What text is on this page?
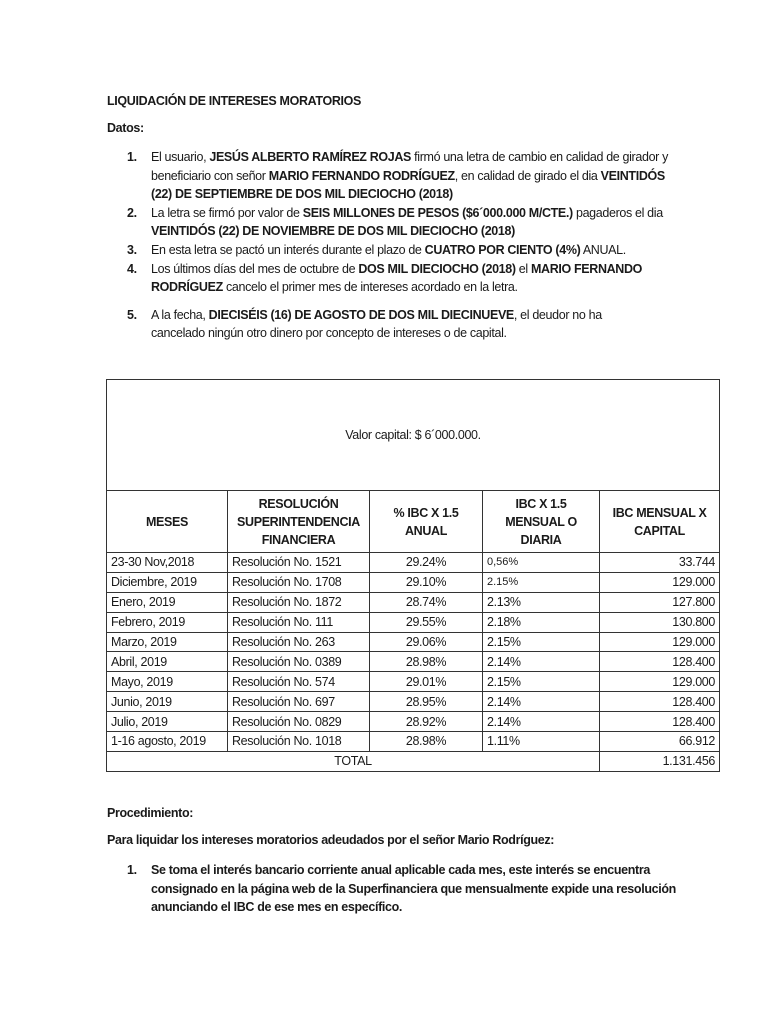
LIQUIDACIÓN DE INTERESES MORATORIOS
Datos:
1. El usuario, JESÚS ALBERTO RAMÍREZ ROJAS firmó una letra de cambio en calidad de girador y beneficiario con señor MARIO FERNANDO RODRÍGUEZ, en calidad de girado el dia VEINTIDÓS (22) DE SEPTIEMBRE DE DOS MIL DIECIOCHO (2018)
2. La letra se firmó por valor de SEIS MILLONES DE PESOS ($6´000.000 M/CTE.) pagaderos el dia VEINTIDÓS (22) DE NOVIEMBRE DE DOS MIL DIECIOCHO (2018)
3. En esta letra se pactó un interés durante el plazo de CUATRO POR CIENTO (4%) ANUAL.
4. Los últimos días del mes de octubre de DOS MIL DIECIOCHO (2018) el MARIO FERNANDO RODRÍGUEZ cancelo el primer mes de intereses acordado en la letra.
5. A la fecha, DIECISÉIS (16) DE AGOSTO DE DOS MIL DIECINUEVE, el deudor no ha cancelado ningún otro dinero por concepto de intereses o de capital.
Valor capital: $ 6´000.000.				
MESES	RESOLUCIÓN SUPERINTENDENCIA FINANCIERA	% IBC X 1.5 ANUAL	IBC X 1.5 MENSUAL O DIARIA	IBC MENSUAL X CAPITAL
23-30 Nov,2018	Resolución No. 1521	29.24%	0,56%	33.744
Diciembre, 2019	Resolución No. 1708	29.10%	2.15%	129.000
Enero, 2019	Resolución No. 1872	28.74%	2.13%	127.800
Febrero, 2019	Resolución No. 111	29.55%	2.18%	130.800
Marzo, 2019	Resolución No. 263	29.06%	2.15%	129.000
Abril, 2019	Resolución No. 0389	28.98%	2.14%	128.400
Mayo, 2019	Resolución No. 574	29.01%	2.15%	129.000
Junio, 2019	Resolución No. 697	28.95%	2.14%	128.400
Julio, 2019	Resolución No. 0829	28.92%	2.14%	128.400
1-16 agosto, 2019	Resolución No. 1018	28.98%	1.11%	66.912
TOTAL				1.131.456
Procedimiento:
Para liquidar los intereses moratorios adeudados por el señor Mario Rodríguez:
1. Se toma el interés bancario corriente anual aplicable cada mes, este interés se encuentra consignado en la página web de la Superfinanciera que mensualmente expide una resolución anunciando el IBC de ese mes en específico.
